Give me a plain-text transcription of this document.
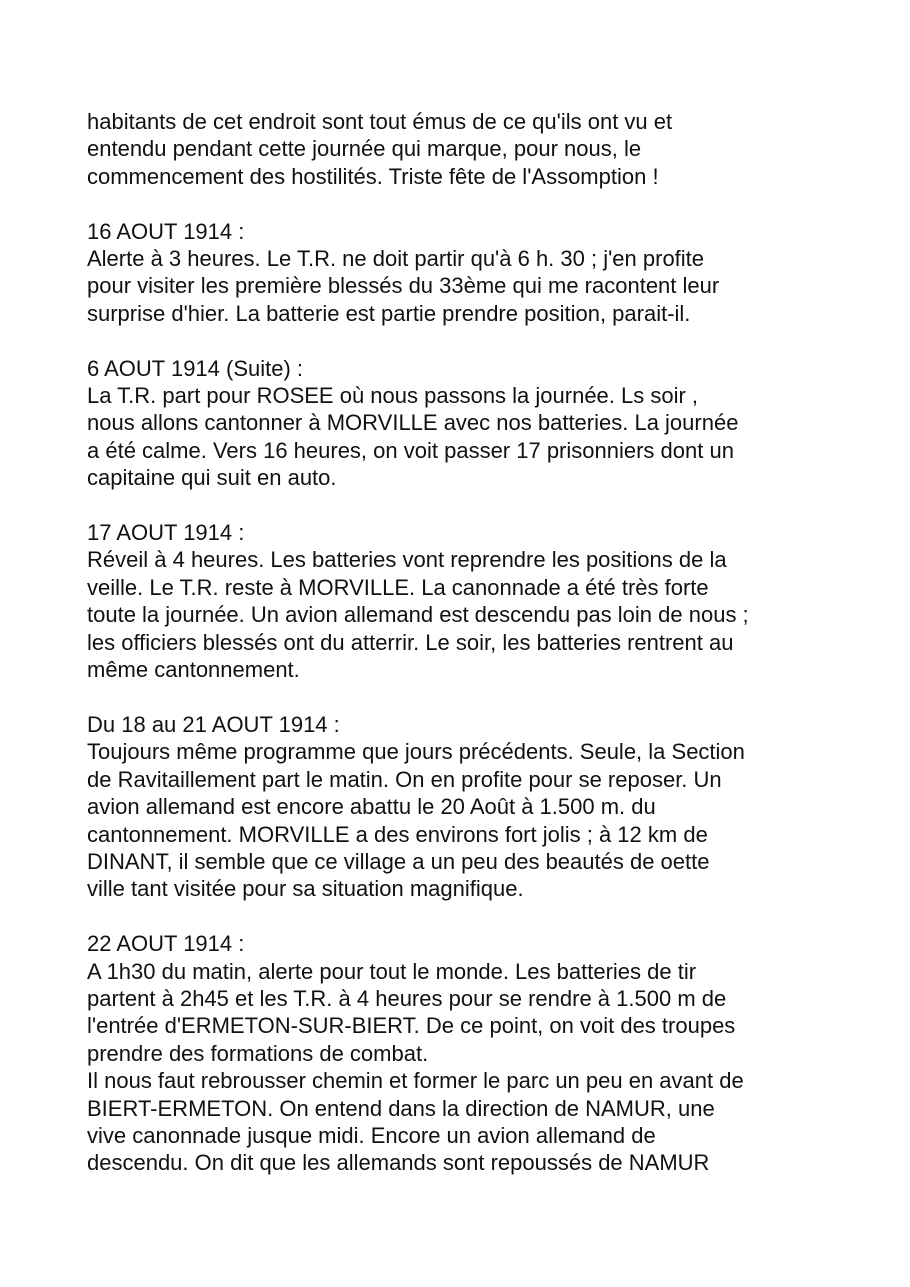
habitants de cet endroit sont tout émus de ce qu'ils ont vu et
entendu pendant cette journée qui marque, pour nous, le
commencement des hostilités. Triste fête de l'Assomption !
16 AOUT 1914 :
Alerte à 3 heures. Le T.R. ne doit partir qu'à 6 h. 30 ; j'en profite
pour visiter les première blessés du 33ème qui me racontent leur
surprise d'hier. La batterie est partie prendre position, parait-il.
6 AOUT 1914 (Suite) :
La T.R. part pour ROSEE où nous passons la journée. Ls soir ,
nous allons cantonner à MORVILLE avec nos batteries. La journée
a été calme. Vers 16 heures, on voit passer 17 prisonniers dont un
capitaine qui suit en auto.
17 AOUT 1914 :
Réveil à 4 heures. Les batteries vont reprendre les positions de la
veille. Le T.R. reste à MORVILLE. La canonnade a été très forte
toute la journée. Un avion allemand est descendu pas loin de nous ;
les officiers blessés ont du atterrir. Le soir, les batteries rentrent au
même cantonnement.
Du 18 au 21 AOUT 1914 :
Toujours même programme que jours précédents. Seule, la Section
de Ravitaillement part le matin. On en profite pour se reposer. Un
avion allemand est encore abattu le 20 Août à 1.500 m. du
cantonnement. MORVILLE a des environs fort jolis ; à 12 km de
DINANT, il semble que ce village a un peu des beautés de oette
ville tant visitée pour sa situation magnifique.
22 AOUT 1914 :
A 1h30 du matin, alerte pour tout le monde. Les batteries de tir
partent à 2h45 et les T.R. à 4 heures pour se rendre à 1.500 m de
l'entrée d'ERMETON-SUR-BIERT. De ce point, on voit des troupes
prendre des formations de combat.
Il nous faut rebrousser chemin et former le parc un peu en avant de
BIERT-ERMETON. On entend dans la direction de NAMUR, une
vive canonnade jusque midi. Encore un avion allemand de
descendu. On dit que les allemands sont repoussés de NAMUR
